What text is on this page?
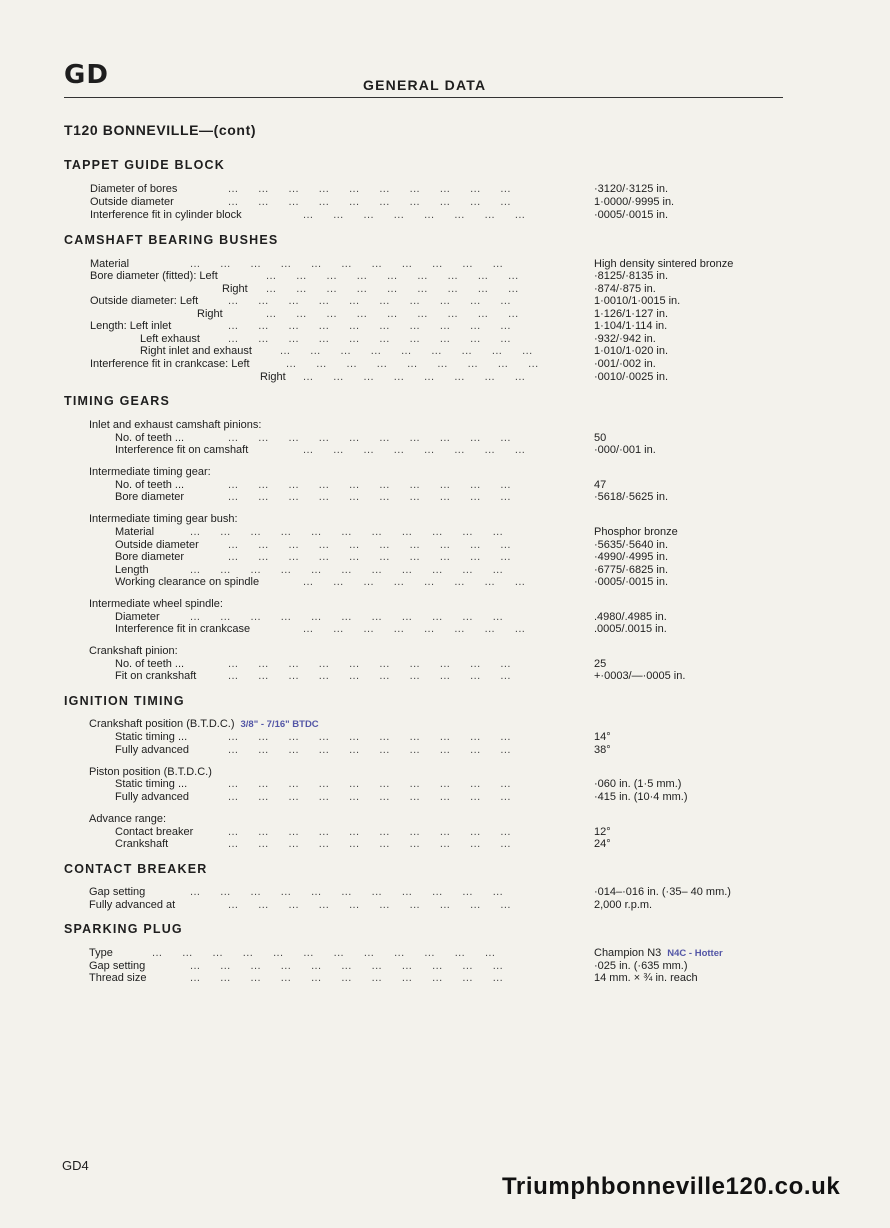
GD	GENERAL DATA
T120 BONNEVILLE—(cont)
TAPPET GUIDE BLOCK
Diameter of bores	...   ...   ...   ...   ...   ...   ...   ...   ...   ...	·3120/·3125 in.
Outside diameter	...   ...   ...   ...   ...   ...   ...   ...   ...   ...	1·0000/·9995 in.
Interference fit in cylinder block	...   ...   ...   ...   ...   ...   ...   ...	·0005/·0015 in.
CAMSHAFT BEARING BUSHES
Material	...   ...   ...   ...   ...   ...   ...   ...   ...   ...   ...	High density sintered bronze
Bore diameter (fitted): Left	...   ...   ...   ...   ...   ...   ...   ...   ...	·8125/·8135 in.
Right ...   ...   ...   ...   ...   ...   ...   ...   ...	·874/·875 in.
Outside diameter: Left	...   ...   ...   ...   ...   ...   ...   ...   ...   ...	1·0010/1·0015 in.
Right	...   ...   ...   ...   ...   ...   ...   ...   ...	1·126/1·127 in.
Length: Left inlet	...   ...   ...   ...   ...   ...   ...   ...   ...   ...	1·104/1·114 in.
Left exhaust	...   ...   ...   ...   ...   ...   ...   ...   ...   ...	·932/·942 in.
Right inlet and exhaust	...   ...   ...   ...   ...   ...   ...   ...   ...	1·010/1·020 in.
Interference fit in crankcase: Left	...   ...   ...   ...   ...   ...   ...   ...   ...	·001/·002 in.
Right ...   ...   ...   ...   ...   ...   ...   ...	·0010/·0025 in.
TIMING GEARS
Inlet and exhaust camshaft pinions:
No. of teeth ...	...   ...   ...   ...   ...   ...   ...   ...   ...   ...	50
Interference fit on camshaft	...   ...   ...   ...   ...   ...   ...   ...	·000/·001 in.
Intermediate timing gear:
No. of teeth ...	...   ...   ...   ...   ...   ...   ...   ...   ...   ...	47
Bore diameter	...   ...   ...   ...   ...   ...   ...   ...   ...   ...	·5618/·5625 in.
Intermediate timing gear bush:
Material	...   ...   ...   ...   ...   ...   ...   ...   ...   ...   ...	Phosphor bronze
Outside diameter	...   ...   ...   ...   ...   ...   ...   ...   ...   ...	·5635/·5640 in.
Bore diameter	...   ...   ...   ...   ...   ...   ...   ...   ...   ...	·4990/·4995 in.
Length	...   ...   ...   ...   ...   ...   ...   ...   ...   ...   ...	·6775/·6825 in.
Working clearance on spindle	...   ...   ...   ...   ...   ...   ...   ...	·0005/·0015 in.
Intermediate wheel spindle:
Diameter	...   ...   ...   ...   ...   ...   ...   ...   ...   ...   ...	.4980/.4985 in.
Interference fit in crankcase	...   ...   ...   ...   ...   ...   ...   ...	.0005/.0015 in.
Crankshaft pinion:
No. of teeth ...	...   ...   ...   ...   ...   ...   ...   ...   ...   ...	25
Fit on crankshaft	...   ...   ...   ...   ...   ...   ...   ...   ...   ...	+·0003/—·0005 in.
IGNITION TIMING
Crankshaft position (B.T.D.C.) 3/8" - 7/16" BTDC
Static timing ...	...   ...   ...   ...   ...   ...   ...   ...   ...   ...	14°
Fully advanced	...   ...   ...   ...   ...   ...   ...   ...   ...   ...	38°
Piston position (B.T.D.C.)
Static timing ...	...   ...   ...   ...   ...   ...   ...   ...   ...   ...	·060 in. (1·5 mm.)
Fully advanced	...   ...   ...   ...   ...   ...   ...   ...   ...   ...	·415 in. (10·4 mm.)
Advance range:
Contact breaker	...   ...   ...   ...   ...   ...   ...   ...   ...   ...	12°
Crankshaft	...   ...   ...   ...   ...   ...   ...   ...   ...   ...	24°
CONTACT BREAKER
Gap setting	...   ...   ...   ...   ...   ...   ...   ...   ...   ...   ...	·014–·016 in. (·35– 40 mm.)
Fully advanced at	...   ...   ...   ...   ...   ...   ...   ...   ...   ...	2,000 r.p.m.
SPARKING PLUG
Type	...   ...   ...   ...   ...   ...   ...   ...   ...   ...   ...   ...	Champion N3 N4C - Hotter
Gap setting	...   ...   ...   ...   ...   ...   ...   ...   ...   ...   ...	·025 in. (·635 mm.)
Thread size	...   ...   ...   ...   ...   ...   ...   ...   ...   ...   ...	14 mm. × ¾ in. reach
GD4
Triumphbonneville120.co.uk
